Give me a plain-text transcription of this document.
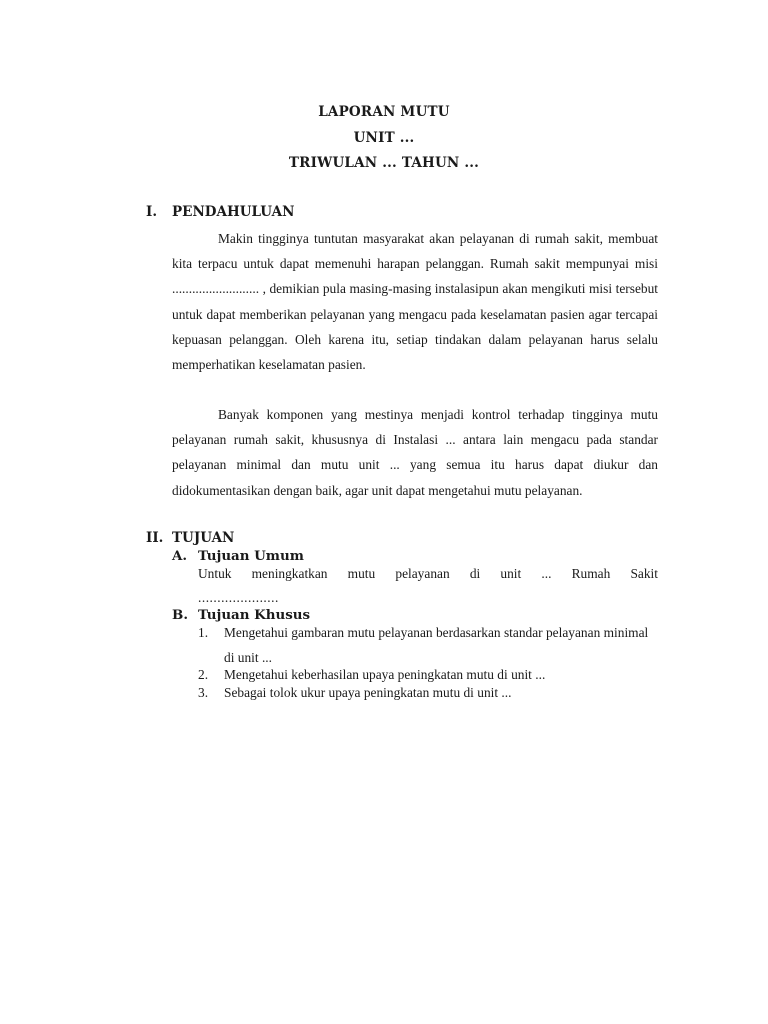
LAPORAN MUTU
UNIT ...
TRIWULAN ... TAHUN ...
I. PENDAHULUAN

Makin tingginya tuntutan masyarakat akan pelayanan di rumah sakit, membuat kita terpacu untuk dapat memenuhi harapan pelanggan. Rumah sakit mempunyai misi .......................... , demikian pula masing-masing instalasipun akan mengikuti misi tersebut untuk dapat memberikan pelayanan yang mengacu pada keselamatan pasien agar tercapai kepuasan pelanggan. Oleh karena itu, setiap tindakan dalam pelayanan harus selalu memperhatikan keselamatan pasien.

Banyak komponen yang mestinya menjadi kontrol terhadap tingginya mutu pelayanan rumah sakit, khususnya di Instalasi ... antara lain mengacu pada standar pelayanan minimal dan mutu unit ... yang semua itu harus dapat diukur dan didokumentasikan dengan baik, agar unit dapat mengetahui mutu pelayanan.

II. TUJUAN
A. Tujuan Umum

Untuk meningkatkan mutu pelayanan di unit ... Rumah Sakit

.....................

B. Tujuan Khusus
1. Mengetahui gambaran mutu pelayanan berdasarkan standar pelayanan minimal di unit ...

2. Mengetahui keberhasilan upaya peningkatan mutu di unit ...

3. Sebagai tolok ukur upaya peningkatan mutu di unit ...
